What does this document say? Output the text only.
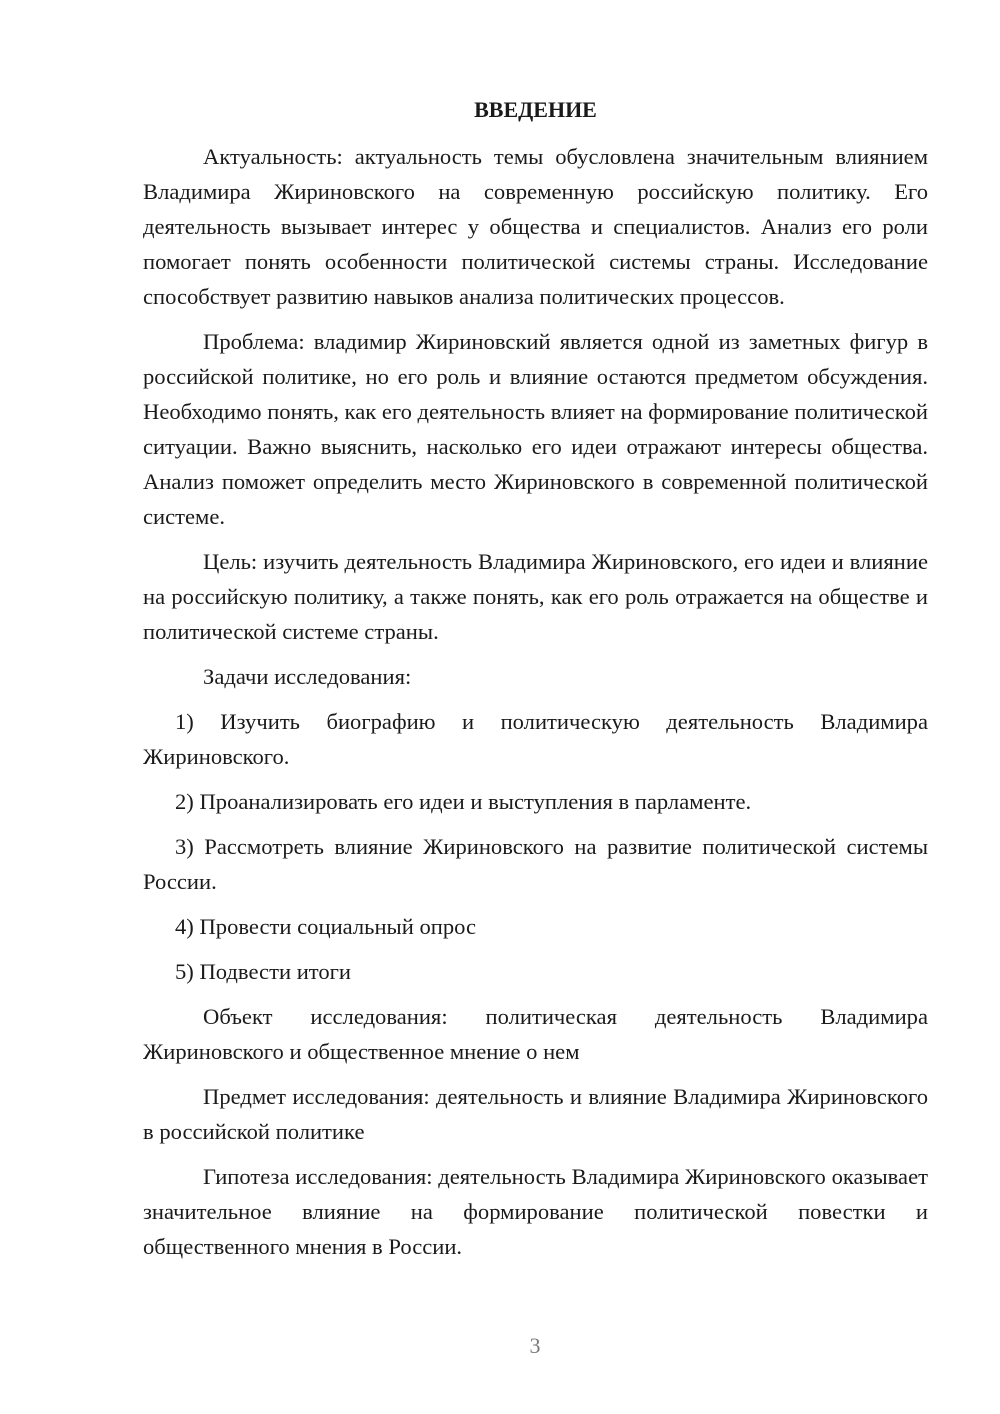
ВВЕДЕНИЕ

Актуальность: актуальность темы обусловлена значительным влиянием Владимира Жириновского на современную российскую политику. Его деятельность вызывает интерес у общества и специалистов. Анализ его роли помогает понять особенности политической системы страны. Исследование способствует развитию навыков анализа политических процессов.

Проблема: владимир Жириновский является одной из заметных фигур в российской политике, но его роль и влияние остаются предметом обсуждения. Необходимо понять, как его деятельность влияет на формирование политической ситуации. Важно выяснить, насколько его идеи отражают интересы общества. Анализ поможет определить место Жириновского в современной политической системе.

Цель: изучить деятельность Владимира Жириновского, его идеи и влияние на российскую политику, а также понять, как его роль отражается на обществе и политической системе страны.

Задачи исследования:

1) Изучить биографию и политическую деятельность Владимира Жириновского.

2) Проанализировать его идеи и выступления в парламенте.

3) Рассмотреть влияние Жириновского на развитие политической системы России.

4) Провести социальный опрос

5) Подвести итоги

Объект исследования: политическая деятельность Владимира Жириновского и общественное мнение о нем

Предмет исследования: деятельность и влияние Владимира Жириновского в российской политике

Гипотеза исследования: деятельность Владимира Жириновского оказывает значительное влияние на формирование политической повестки и общественного мнения в России.

3
